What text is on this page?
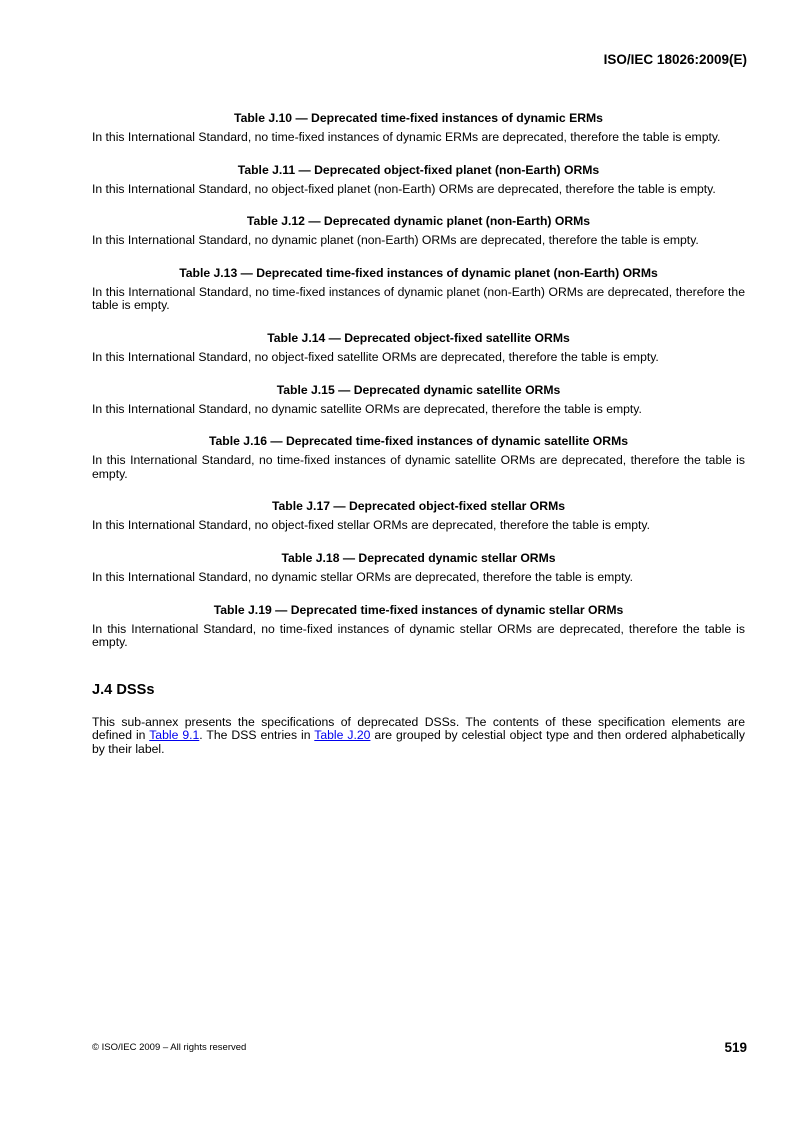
ISO/IEC 18026:2009(E)
Table J.10 — Deprecated time-fixed instances of dynamic ERMs

In this International Standard, no time-fixed instances of dynamic ERMs are deprecated, therefore the table is empty.

Table J.11 — Deprecated object-fixed planet (non-Earth) ORMs

In this International Standard, no object-fixed planet (non-Earth) ORMs are deprecated, therefore the table is empty.

Table J.12 — Deprecated dynamic planet (non-Earth) ORMs

In this International Standard, no dynamic planet (non-Earth) ORMs are deprecated, therefore the table is empty.

Table J.13 — Deprecated time-fixed instances of dynamic planet (non-Earth) ORMs

In this International Standard, no time-fixed instances of dynamic planet (non-Earth) ORMs are deprecated, therefore the table is empty.

Table J.14 — Deprecated object-fixed satellite ORMs

In this International Standard, no object-fixed satellite ORMs are deprecated, therefore the table is empty.

Table J.15 — Deprecated dynamic satellite ORMs

In this International Standard, no dynamic satellite ORMs are deprecated, therefore the table is empty.

Table J.16 — Deprecated time-fixed instances of dynamic satellite ORMs

In this International Standard, no time-fixed instances of dynamic satellite ORMs are deprecated, therefore the table is empty.

Table J.17 — Deprecated object-fixed stellar ORMs

In this International Standard, no object-fixed stellar ORMs are deprecated, therefore the table is empty.

Table J.18 — Deprecated dynamic stellar ORMs

In this International Standard, no dynamic stellar ORMs are deprecated, therefore the table is empty.

Table J.19 — Deprecated time-fixed instances of dynamic stellar ORMs

In this International Standard, no time-fixed instances of dynamic stellar ORMs are deprecated, therefore the table is empty.

J.4 DSSs

This sub-annex presents the specifications of deprecated DSSs. The contents of these specification elements are defined in Table 9.1. The DSS entries in Table J.20 are grouped by celestial object type and then ordered alphabetically by their label.

© ISO/IEC 2009 – All rights reserved	519
